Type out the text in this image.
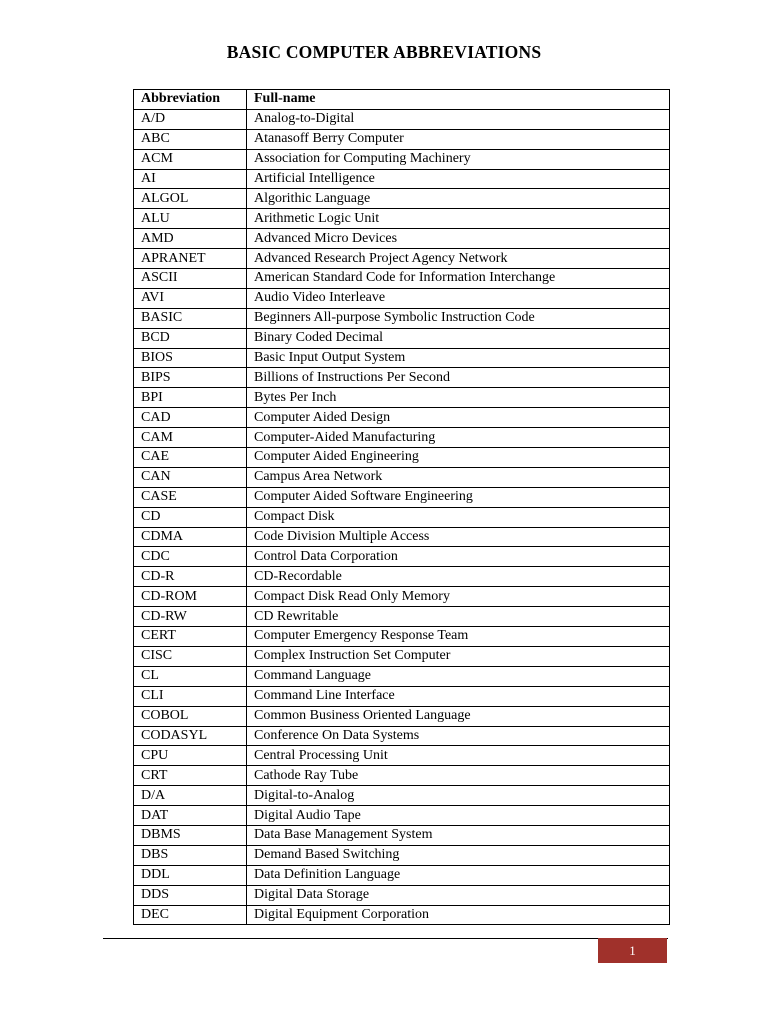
BASIC COMPUTER ABBREVIATIONS
Abbreviation	Full-name
A/D	Analog-to-Digital
ABC	Atanasoff Berry Computer
ACM	Association for Computing Machinery
AI	Artificial Intelligence
ALGOL	Algorithic Language
ALU	Arithmetic Logic Unit
AMD	Advanced Micro Devices
APRANET	Advanced Research Project Agency Network
ASCII	American Standard Code for Information Interchange
AVI	Audio Video Interleave
BASIC	Beginners All-purpose Symbolic Instruction Code
BCD	Binary Coded Decimal
BIOS	Basic Input Output System
BIPS	Billions of Instructions Per Second
BPI	Bytes Per Inch
CAD	Computer Aided Design
CAM	Computer-Aided Manufacturing
CAE	Computer Aided Engineering
CAN	Campus Area Network
CASE	Computer Aided Software Engineering
CD	Compact Disk
CDMA	Code Division Multiple Access
CDC	Control Data Corporation
CD-R	CD-Recordable
CD-ROM	Compact Disk Read Only Memory
CD-RW	CD Rewritable
CERT	Computer Emergency Response Team
CISC	Complex Instruction Set Computer
CL	Command Language
CLI	Command Line Interface
COBOL	Common Business Oriented Language
CODASYL	Conference On Data Systems
CPU	Central Processing Unit
CRT	Cathode Ray Tube
D/A	Digital-to-Analog
DAT	Digital Audio Tape
DBMS	Data Base Management System
DBS	Demand Based Switching
DDL	Data Definition Language
DDS	Digital Data Storage
DEC	Digital Equipment Corporation
1
